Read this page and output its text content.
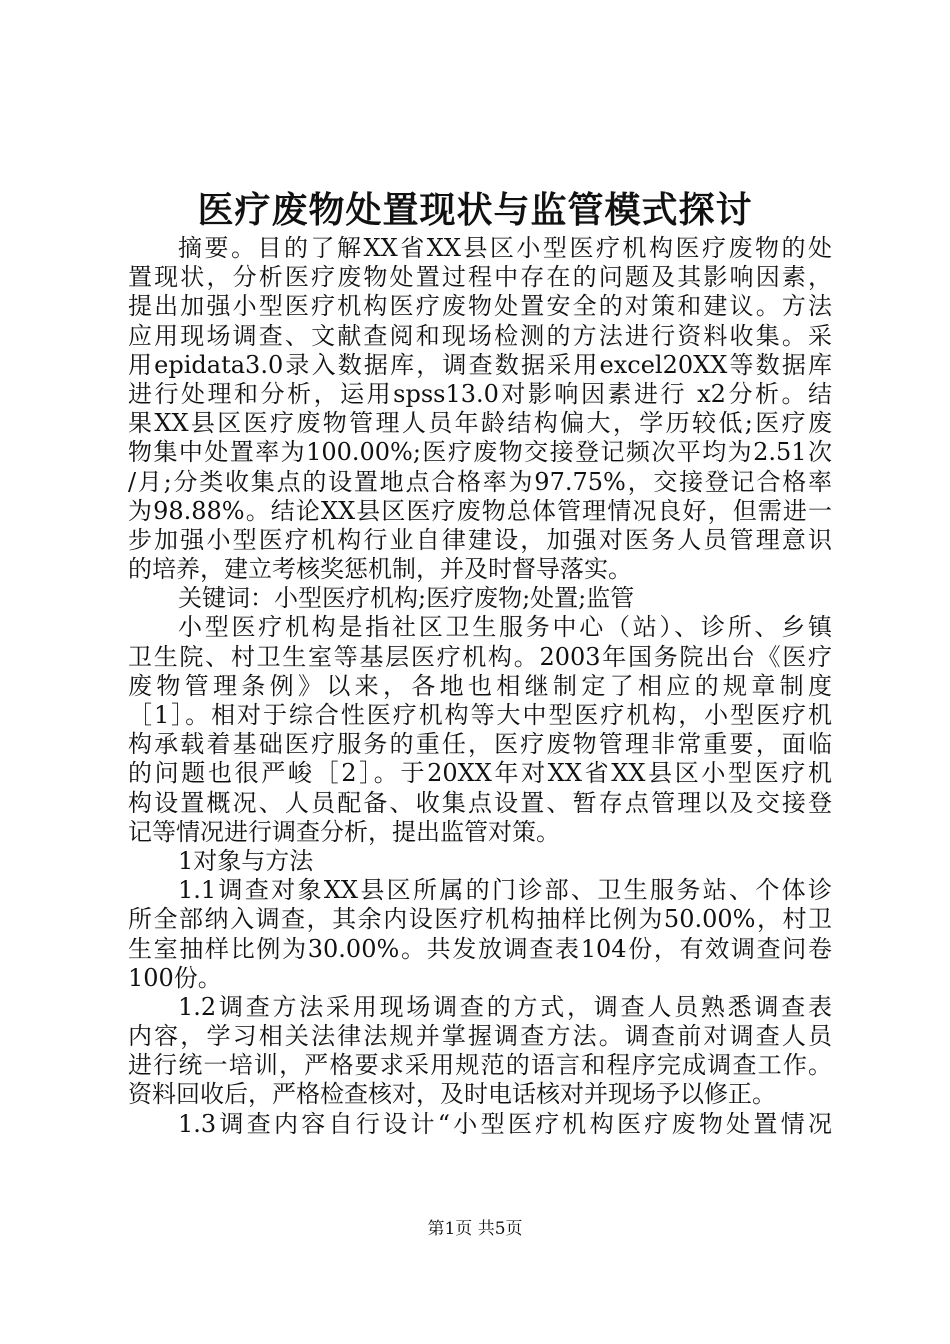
医疗废物处置现状与监管模式探讨
摘要。目的了解XX省XX县区小型医疗机构医疗废物的处
置现状，分析医疗废物处置过程中存在的问题及其影响因素，
提出加强小型医疗机构医疗废物处置安全的对策和建议。方法
应用现场调查、文献查阅和现场检测的方法进行资料收集。采
用epidata3.0录入数据库，调查数据采用excel20XX等数据库
进行处理和分析，运用spss13.0对影响因素进行 х2分析。结
果XX县区医疗废物管理人员年龄结构偏大，学历较低;医疗废
物集中处置率为100.00%;医疗废物交接登记频次平均为2.51次
/月;分类收集点的设置地点合格率为97.75%，交接登记合格率
为98.88%。结论XX县区医疗废物总体管理情况良好，但需进一
步加强小型医疗机构行业自律建设，加强对医务人员管理意识
的培养，建立考核奖惩机制，并及时督导落实。
关键词：小型医疗机构;医疗废物;处置;监管
小型医疗机构是指社区卫生服务中心（站）、诊所、乡镇
卫生院、村卫生室等基层医疗机构。2003年国务院出台《医疗
废物管理条例》以来，各地也相继制定了相应的规章制度
［1］。相对于综合性医疗机构等大中型医疗机构，小型医疗机
构承载着基础医疗服务的重任，医疗废物管理非常重要，面临
的问题也很严峻［2］。于20XX年对XX省XX县区小型医疗机
构设置概况、人员配备、收集点设置、暂存点管理以及交接登
记等情况进行调查分析，提出监管对策。
1对象与方法
1.1调查对象XX县区所属的门诊部、卫生服务站、个体诊
所全部纳入调查，其余内设医疗机构抽样比例为50.00%，村卫
生室抽样比例为30.00%。共发放调查表104份，有效调查问卷
100份。
1.2调查方法采用现场调查的方式，调查人员熟悉调查表
内容，学习相关法律法规并掌握调查方法。调查前对调查人员
进行统一培训，严格要求采用规范的语言和程序完成调查工作。
资料回收后，严格检查核对，及时电话核对并现场予以修正。
1.3调查内容自行设计“小型医疗机构医疗废物处置情况
第1页 共5页
